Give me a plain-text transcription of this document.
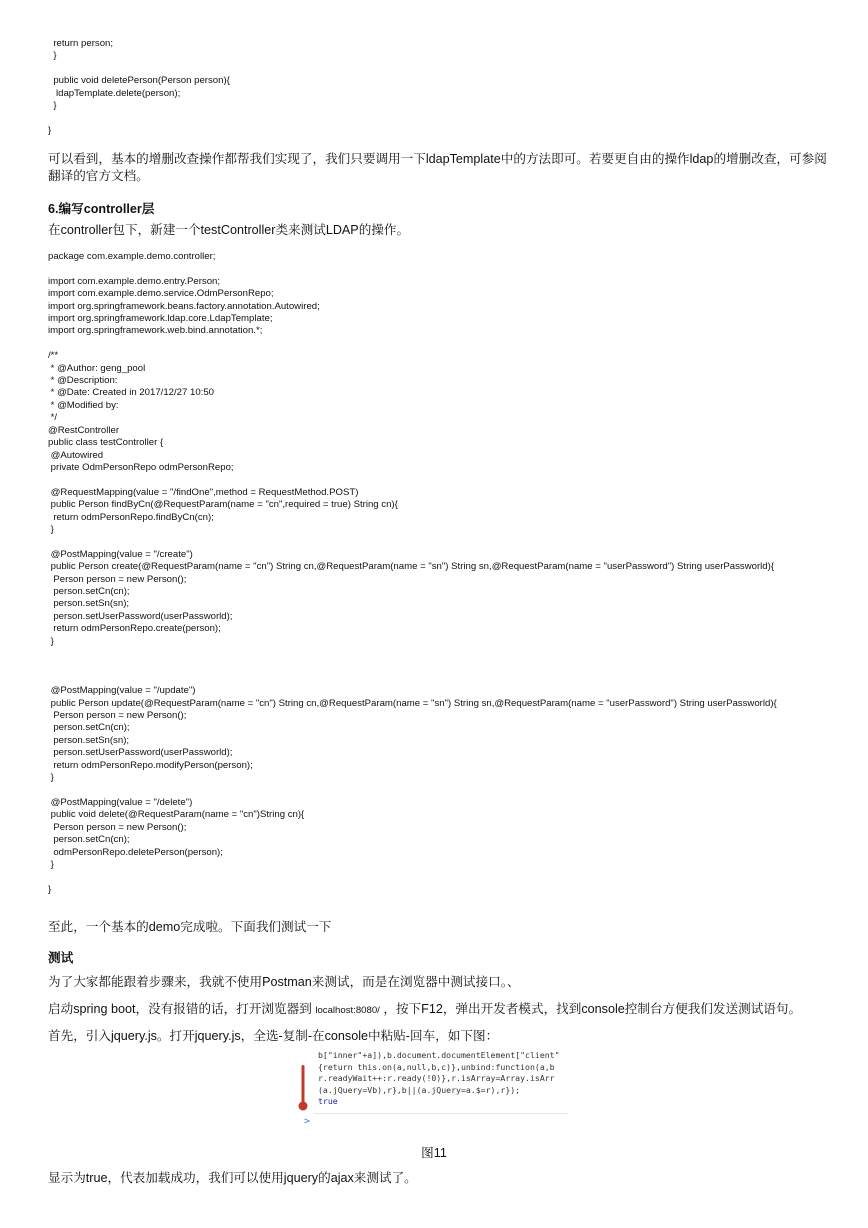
return person;
}

public void deletePerson(Person person){
ldapTemplate.delete(person);
}

}
可以看到，基本的增删改查操作都帮我们实现了，我们只要调用一下ldapTemplate中的方法即可。若要更自由的操作ldap的增删改查，可参阅翻译的官方文档。
6.编写controller层
在controller包下，新建一个testController类来测试LDAP的操作。
package com.example.demo.controller;

import com.example.demo.entry.Person;
import com.example.demo.service.OdmPersonRepo;
import org.springframework.beans.factory.annotation.Autowired;
import org.springframework.ldap.core.LdapTemplate;
import org.springframework.web.bind.annotation.*;

/**
* @Author: geng_pool
* @Description:
* @Date: Created in 2017/12/27 10:50
* @Modified by:
*/
@RestController
public class testController {
@Autowired
private OdmPersonRepo odmPersonRepo;

@RequestMapping(value = "/findOne",method = RequestMethod.POST)
public Person findByCn(@RequestParam(name = "cn",required = true) String cn){
return odmPersonRepo.findByCn(cn);
}

@PostMapping(value = "/create")
public Person create(@RequestParam(name = "cn") String cn,@RequestParam(name = "sn") String sn,@RequestParam(name = "userPassword") String userPassworld){
Person person = new Person();
person.setCn(cn);
person.setSn(sn);
person.setUserPassword(userPassworld);
return odmPersonRepo.create(person);
}

@PostMapping(value = "/update")
public Person update(@RequestParam(name = "cn") String cn,@RequestParam(name = "sn") String sn,@RequestParam(name = "userPassword") String userPassworld){
Person person = new Person();
person.setCn(cn);
person.setSn(sn);
person.setUserPassword(userPassworld);
return odmPersonRepo.modifyPerson(person);
}

@PostMapping(value = "/delete")
public void delete(@RequestParam(name = "cn")String cn){
Person person = new Person();
person.setCn(cn);
odmPersonRepo.deletePerson(person);
}

}
至此，一个基本的demo完成啦。下面我们测试一下
测试
为了大家都能跟着步骤来，我就不使用Postman来测试，而是在浏览器中测试接口。、
启动spring boot，没有报错的话，打开浏览器到 localhost:8080/ ，按下F12，弹出开发者模式，找到console控制台方便我们发送测试语句。
首先，引入jquery.js。打开jquery.js，全选-复制-在console中粘贴-回车，如下图：
b["inner"+a]),b.document.documentElement["client"
{return this.on(a,null,b,c)},unbind:function(a,b
r.readyWait++:r.ready(!0)},r.isArray=Array.isArr
(a.jQuery=Vb),r},b||(a.jQuery=a.$=r),r});
true
>
图11
显示为true，代表加载成功，我们可以使用jquery的ajax来测试了。
